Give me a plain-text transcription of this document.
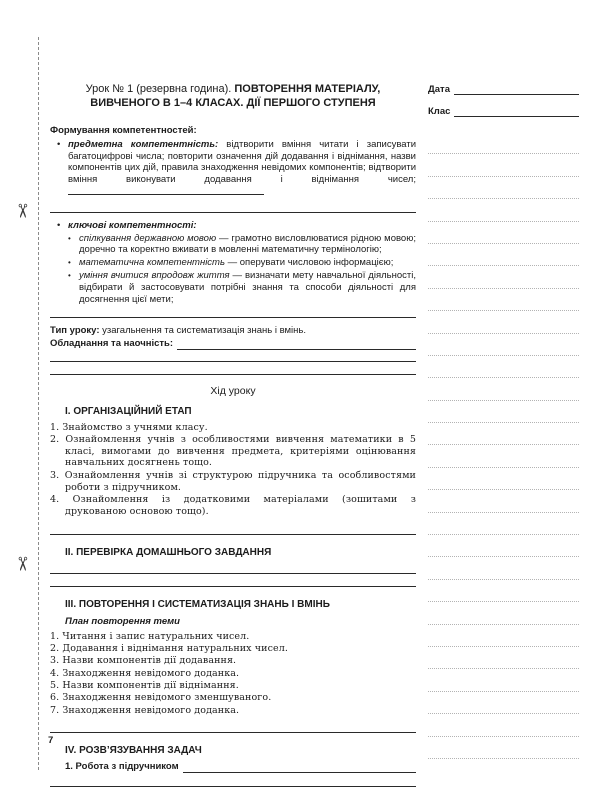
✂
✂
Урок № 1 (резервна година). ПОВТОРЕННЯ МАТЕРІАЛУ, ВИВЧЕНОГО В 1–4 КЛАСАХ. ДІЇ ПЕРШОГО СТУПЕНЯ
Формування компетентностей:
• предметна компетентність: відтворити вміння читати і записувати багатоцифрові числа; повторити означення дій додавання і віднімання, назви компонентів цих дій, правила знаходження невідомих компонентів; відтворити вміння виконувати додавання і віднімання чисел;
• ключові компетентності:
• спілкування державною мовою — грамотно висловлюватися рідною мовою; доречно та коректно вживати в мовленні математичну термінологію;
• математична компетентність — оперувати числовою інформацією;
• уміння вчитися впродовж життя — визначати мету навчальної діяльності, відбирати й застосовувати потрібні знання та способи діяльності для досягнення цієї мети;
Тип уроку: узагальнення та систематизація знань і вмінь.
Обладнання та наочність:
Хід уроку
І. ОРГАНІЗАЦІЙНИЙ ЕТАП
1. Знайомство з учнями класу.
2. Ознайомлення учнів з особливостями вивчення математики в 5 класі, вимогами до вивчення предмета, критеріями оцінювання навчальних досягнень тощо.
3. Ознайомлення учнів зі структурою підручника та особливостями роботи з підручником.
4. Ознайомлення із додатковими матеріалами (зошитами з друкованою основою тощо).
ІІ. ПЕРЕВІРКА ДОМАШНЬОГО ЗАВДАННЯ
ІІІ. ПОВТОРЕННЯ І СИСТЕМАТИЗАЦІЯ ЗНАНЬ І ВМІНЬ
План повторення теми
1. Читання і запис натуральних чисел.
2. Додавання і віднімання натуральних чисел.
3. Назви компонентів дії додавання.
4. Знаходження невідомого доданка.
5. Назви компонентів дії віднімання.
6. Знаходження невідомого зменшуваного.
7. Знаходження невідомого доданка.
IV. РОЗВ’ЯЗУВАННЯ ЗАДАЧ
1. Робота з підручником
Дата
Клас
7
